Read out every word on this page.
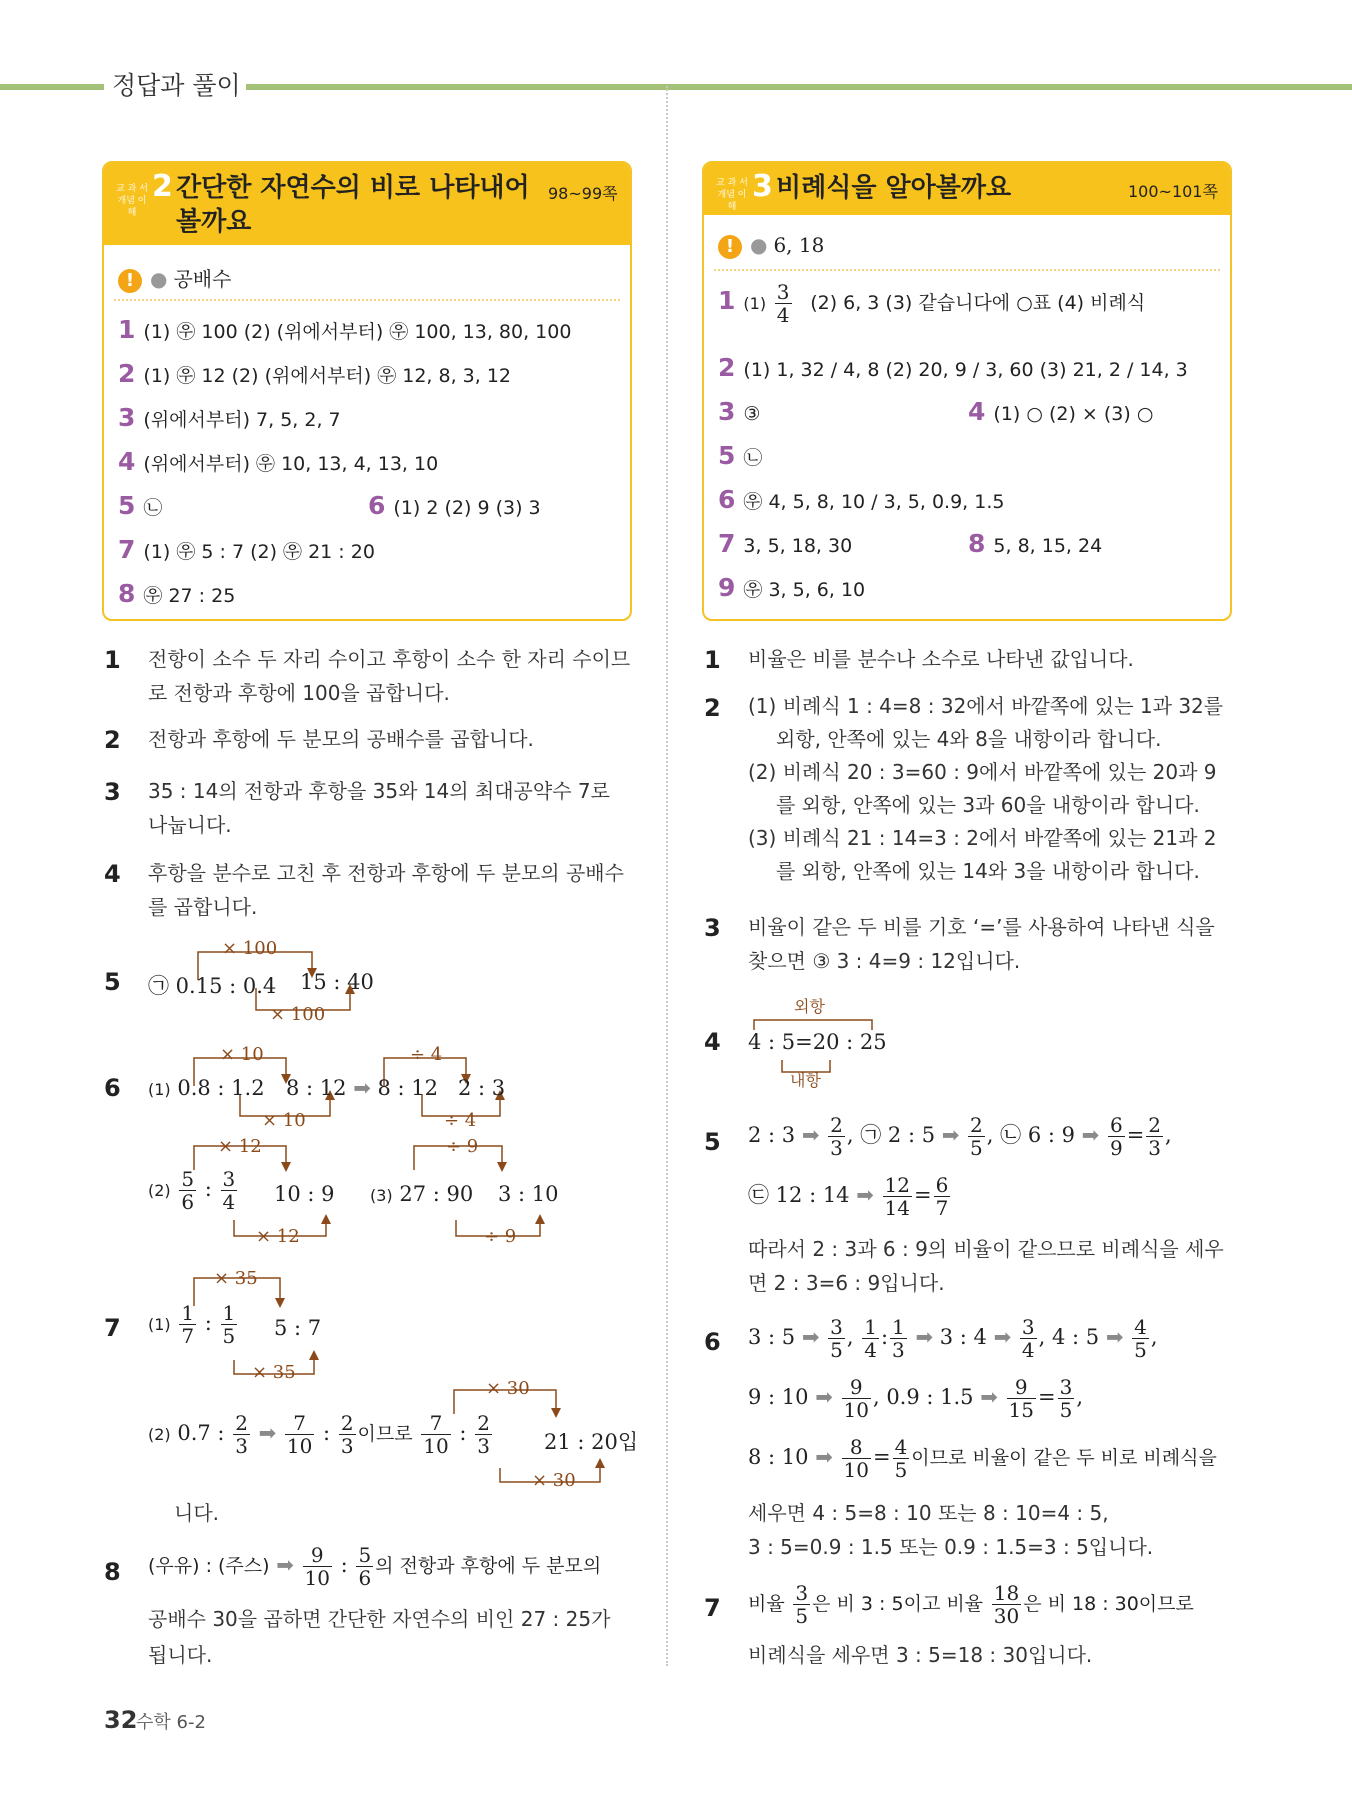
정답과 풀이
교 과 서
개념 이해
2 간단한 자연수의 비로 나타내어
볼까요
98~99쪽
! ● 공배수
1 (1) ㉾ 100 (2) (위에서부터) ㉾ 100, 13, 80, 100
2 (1) ㉾ 12 (2) (위에서부터) ㉾ 12, 8, 3, 12
3 (위에서부터) 7, 5, 2, 7
4 (위에서부터) ㉾ 10, 13, 4, 13, 10
5 ㉡	6 (1) 2 (2) 9 (3) 3
7 (1) ㉾ 5 : 7 (2) ㉾ 21 : 20
8 ㉾ 27 : 25
교 과 서
개념 이해
3 비례식을 알아볼까요	100~101쪽
! ● 6, 18
1 $(1) \frac{3}{4} (2)$ 6, 3 (3) 같습니다에 ○표 (4) 비례식
2 (1) 1, 32 / 4, 8 (2) 20, 9 / 3, 60 (3) 21, 2 / 14, 3
3 ③	4 (1) ○ (2) × (3) ○
5 ㉡
6 ㉾ 4, 5, 8, 10 / 3, 5, 0.9, 1.5
7 3, 5, 18, 30	8 5, 8, 15, 24
9 ㉾ 3, 5, 6, 10
1 전항이 소수 두 자리 수이고 후항이 소수 한 자리 수이므
로 전항과 후항에 100을 곱합니다.
2 전항과 후항에 두 분모의 공배수를 곱합니다.
3 35 : 14의 전항과 후항을 35와 14의 최대공약수 7로
나눕니다.
4 후항을 분수로 고친 후 전항과 후항에 두 분모의 공배수
를 곱합니다.
5
× 100
× 100
㉠ 0.15 : 0.4 15 : 40
6
× 10
× 10
÷ 4
÷ 4
(1) 0.8 : 1.2 8 : 12 ➡ 8 : 12 2 : 3
× 12
× 12
$(2) \frac{5}{6}$ : $\frac{3}{4} 10$ : 9
÷ 9
÷ 9
(3) 27 : 90 3 : 10
7
× 35
× 35
$(1) \frac{1}{7}$ : $\frac{1}{5} 5$ : 7
× 30
× 30
(2) 0.7 : $\frac{2}{3}$ ➡ $\frac{7}{10}$ : $\frac{2}{3}$ 이므로 $\frac{7}{10}$ : $\frac{2}{3} 21$ : 20입
니다.
8 (우유) : (주스) ➡ $\frac{9}{10}$ : $\frac{5}{6}$ 의 전항과 후항에 두 분모의
공배수 30을 곱하면 간단한 자연수의 비인 27 : 25가
됩니다.
1 비율은 비를 분수나 소수로 나타낸 값입니다.
2 (1) 비례식 1 : 4=8 : 32에서 바깥쪽에 있는 1과 32를
외항, 안쪽에 있는 4와 8을 내항이라 합니다.
(2) 비례식 20 : 3=60 : 9에서 바깥쪽에 있는 20과 9
를 외항, 안쪽에 있는 3과 60을 내항이라 합니다.
(3) 비례식 21 : 14=3 : 2에서 바깥쪽에 있는 21과 2
를 외항, 안쪽에 있는 14와 3을 내항이라 합니다.
3 비율이 같은 두 비를 기호 ‘=’를 사용하여 나타낸 식을
찾으면 ③ 3 : 4=9 : 12입니다.
4
외항
내항
4 : 5=20 : 25
5 2 : 3 ➡ $\frac{2}{3}$ , ㉠ 2 : 5 ➡ $\frac{2}{5}$ , ㉡ 6 : 9 ➡ $\frac{6}{9} = \frac{2}{3}$ ,
㉢ 12 : 14 ➡ $\frac{12}{14} = \frac{6}{7}$
따라서 2 : 3과 6 : 9의 비율이 같으므로 비례식을 세우
면 2 : 3=6 : 9입니다.
6 3 : 5 ➡ $\frac{3}{5}$ , $\frac{1}{4}$ : $\frac{1}{3}$ ➡ 3 : 4 ➡ $\frac{3}{4}$ , 4 : 5 ➡ $\frac{4}{5}$ ,
9 : 10 ➡ $\frac{9}{10}$ , 0.9 : 1.5 ➡ $\frac{9}{15} = \frac{3}{5}$ ,
8 : 10 ➡ $\frac{8}{10} = \frac{4}{5}$ 이므로 비율이 같은 두 비로 비례식을
세우면 4 : 5=8 : 10 또는 8 : 10=4 : 5,
3 : 5=0.9 : 1.5 또는 0.9 : 1.5=3 : 5입니다.
7 비율 $\frac{3}{5}$ 은 비 3 : 5이고 비율 $\frac{18}{30}$ 은 비 18 : 30이므로
비례식을 세우면 3 : 5=18 : 30입니다.
32
수학 6-2
